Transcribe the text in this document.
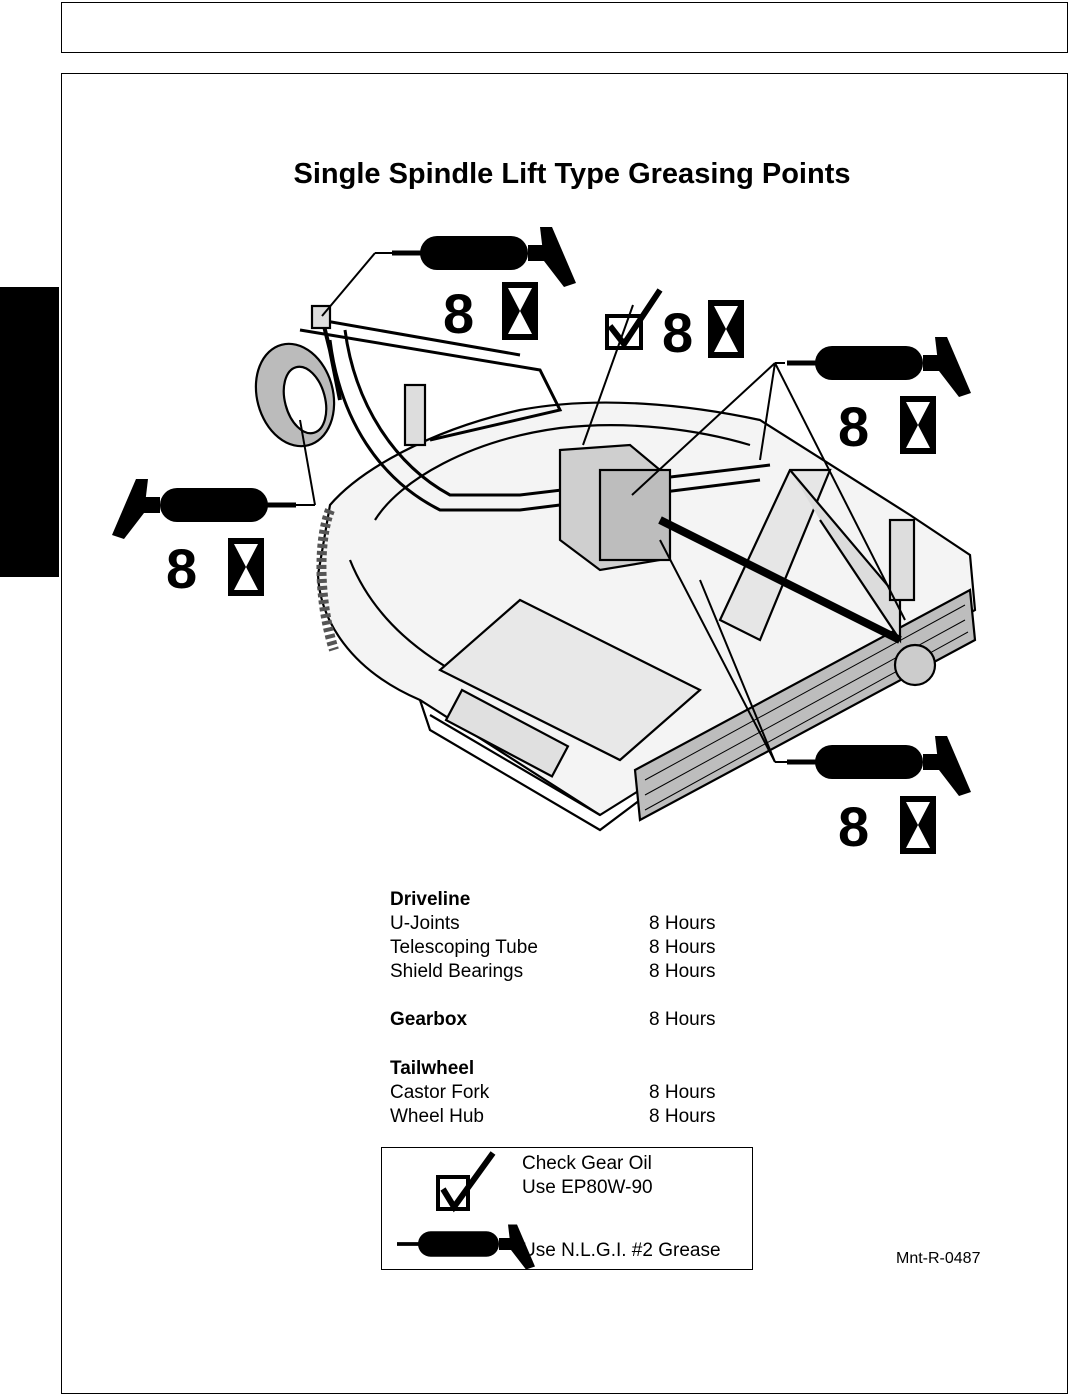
Single Spindle Lift Type Greasing Points
8	8
8
8
8
Driveline
U-Joints	8 Hours
Telescoping Tube	8 Hours
Shield Bearings	8 Hours
Gearbox	8 Hours
Tailwheel
Castor Fork	8 Hours
Wheel Hub	8 Hours
Check Gear Oil
Use EP80W-90
Use N.L.G.I. #2 Grease	Mnt-R-0487
